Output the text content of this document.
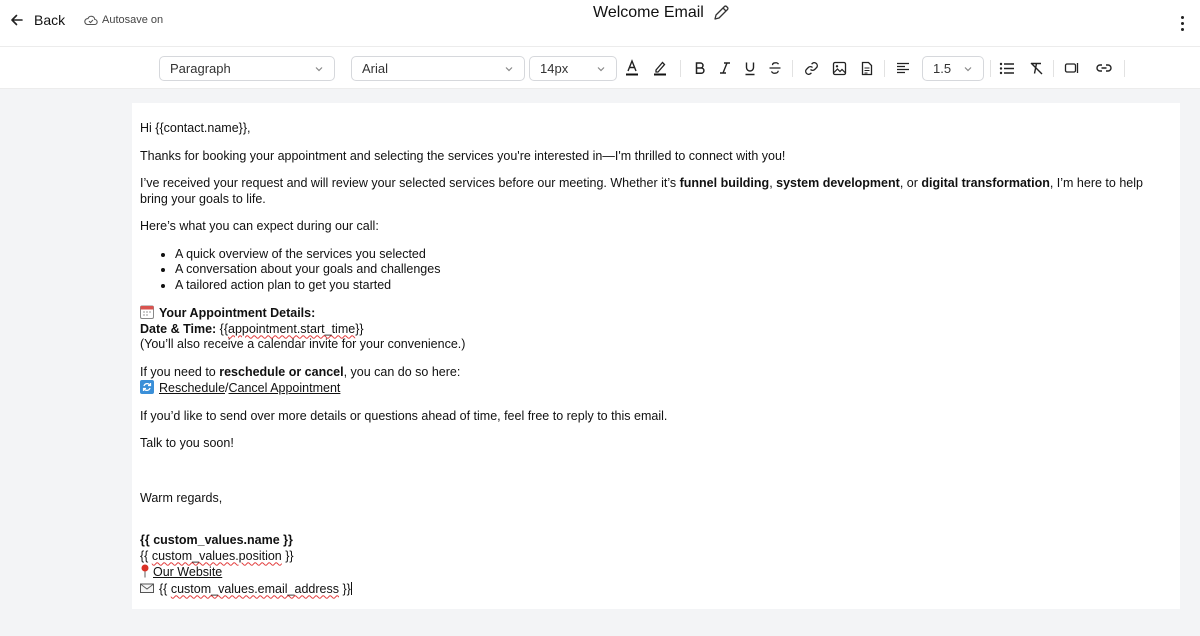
Back	Autosave on	Welcome Email
Paragraph	Arial	14px	1.5

Hi {{contact.name}},

Thanks for booking your appointment and selecting the services you're interested in—I'm thrilled to connect with you!

I’ve received your request and will review your selected services before our meeting. Whether it’s funnel building, system development, or digital transformation, I’m here to help bring your goals to life.

Here’s what you can expect during our call:

• A quick overview of the services you selected
• A conversation about your goals and challenges
• A tailored action plan to get you started

Your Appointment Details:

Date & Time: {{appointment.start_time}}

(You’ll also receive a calendar invite for your convenience.)

If you need to reschedule or cancel, you can do so here:

Reschedule/Cancel Appointment

If you’d like to send over more details or questions ahead of time, feel free to reply to this email.

Talk to you soon!

Warm regards,

{{ custom_values.name }}

{{ custom_values.position }}

Our Website

{{ custom_values.email_address }}
